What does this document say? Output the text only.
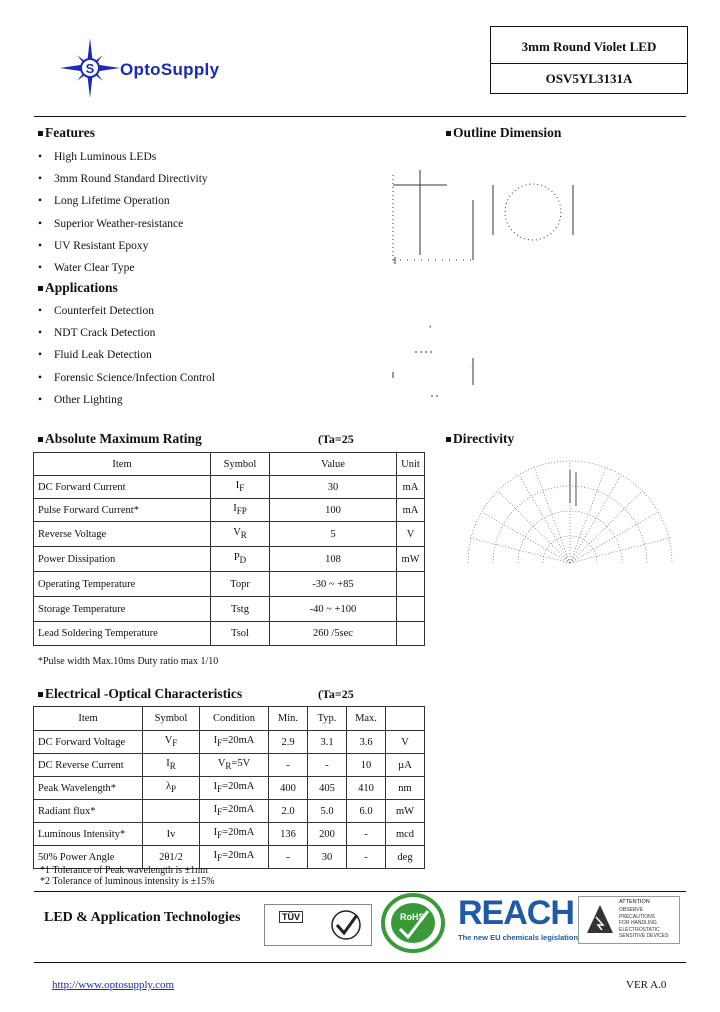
S OptoSupply
3mm Round Violet LED
OSV5YL3131A
Features
• High Luminous LEDs
• 3mm Round Standard Directivity
• Long Lifetime Operation
• Superior Weather-resistance
• UV Resistant Epoxy
• Water Clear Type
Applications
• Counterfeit Detection
• NDT Crack Detection
• Fluid Leak Detection
• Forensic Science/Infection Control
• Other Lighting
Outline Dimension
*
·
Absolute Maximum Rating	(Ta=25
Item	Symbol	Value	Unit
DC Forward Current	$I_F$	30	mA
Pulse Forward Current*	$I_{FP}$	100	mA
Reverse Voltage	$V_R$	5	V
Power Dissipation	$P_D$	108	mW
Operating Temperature	Topr	-30 ~ +85	
Storage Temperature	Tstg	-40 ~ +100	
Lead Soldering Temperature	Tsol	260 /5sec	
*Pulse width Max.10ms Duty ratio max 1/10
Directivity
Electrical -Optical Characteristics	(Ta=25
Item	Symbol	Condition	Min.	Typ.	Max.	
DC Forward Voltage	$V_F$	$I_F=20mA$	2.9	3.1	3.6	V
DC Reverse Current	$I_R$	$V_R=5V$	-	-	10	µA
Peak Wavelength*	$\lambda_P$	$I_F=20mA$	400	405	410	nm
Radiant flux*		$I_F=20mA$	2.0	5.0	6.0	mW
Luminous Intensity*	Iv	$I_F=20mA$	136	200	-	mcd
50% Power Angle	2θ1/2	$I_F=20mA$	-	30	-	deg
*1 Tolerance of Peak wavelength is ±1nm
*2 Tolerance of luminous intensity is ±15%
LED & Application Technologies	TÜV	RoHS REACH
The new EU chemicals legislation
ATTENTION
OBSERVE PRECAUTIONS
FOR HANDLING
ELECTROSTATIC
SENSITIVE DEVICES
http://www.optosupply.com	VER A.0
